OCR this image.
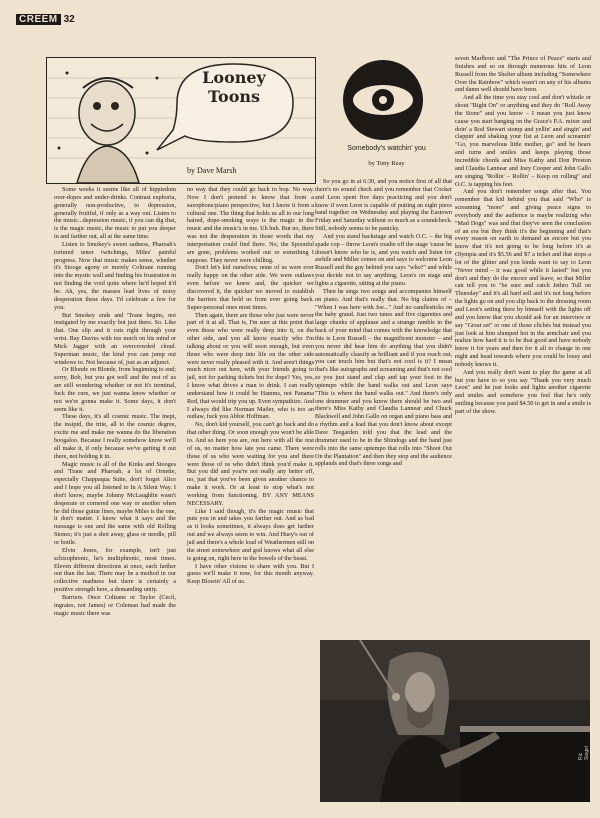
CREEM 32
Looney
Toons
by Dave Marsh

Some weeks it seems like all of hippiedom over-dopes and under-drinks. Contrast euphoria, generally non-productive, to depression, generally fruitful, if only as a way out. Listen to the music...depression music, if you can dig that, is the magic music, the music to put you deeper in and farther out, all at the same time.

Listen to Smokey's sweet sadness, Pharoah's tortured tenor twitchings, Miles' painful progress. Now that music makes sense, whether it's Stooge agony or merely Coltrane running into the mystic wall and finding his frustration in not finding the void quite where he'd hoped it'd be. Ah, yes, the masses lead lives of noisy desperation these days. I'd celebrate a few for you.

But Smokey ends and 'Trane begins, not instigated by me exactly but just there. So. Like that. One slip and it cuts right through your wrist. Ray Davies with too much on his mind or Mick Jagger with an overcrowded cloud. Superman music, the kind you can jump out windows to. Not because of, just as an adjunct.

Or Blonde on Blonde, from beginning to end; sorry, Bob, but you got well and the rest of us are still wondering whether or not it's terminal, fuck the cure, we just wanna know whether or not we're gonna make it. Some days, it don't seem like it.

These days, it's all cosmic music. The inept, the insipid, the trite, all to the cosmic degree, excite me and make me wanna do the liberation boogaloo. Because I really somehow know we'll all make it, if only because we've getting it out there, not holding it in.

Magic music is all of the Kinks and Stooges and 'Trane and Pharoah, a lot of Ornette, especially Chappaqua Suite, don't forget Alice and I hope you all listened to In A Silent Way. I don't know, maybe Johnny McLaughlin wasn't desperate or cornered one way or another when he did those guitar lines, maybe Miles is the one, it don't matter. I know what it says and the message is one and the same with old Rolling Stones; it's just a shot away, glass or needle, pill or bottle.

Elvin Jones, for example, isn't just schizophrenic, he's multiphrenic, most times. Eleven different directions at once, each farther out than the last. There may be a method in our collective madness but there is certainly a positive strength here, a demanding unity.

Barriers. Once Coltrane or Taylor (Cecil, ingrates, not James) or Coleman had made the magic music there was

no way that they could go back to bop. No way. Now I don't pretend to know that from a saxophone/piano perspective, but I know it from a cultural one. The thing that holds us all to our long haired, dope-smoking ways is the magic in the music and the music's in me. Uh huh. But no, there was not the desperation in those words that my interpretation could find there. No, the Spoonful are gone, problems worked out or something I suppose. They never were chilling.

Don't let's kid ourselves; none of us were ever really happy on the other side. We were outlaws even before we knew and, the quicker we discovered it, the quicker we moved to establish the barriers that hold us from ever going back. Super-personal ones most times.

Then again, there are those who just were never part of it at all. That is, I'm sure at this point that even those who were really deep into it, on the other side, and you all know exactly who I'm talking about or you will soon enough, but even those who were deep into life on the other side were never really pleased with it. And aren't things much nicer out here, with your friends going to jail, not for parking tickets but for dope? Yes, yes, I know what drives a man to drink. I can really understand how it could be Hamms, not Panama Red, that would trip you up. Even sympathize. And I always did like Norman Mailer, who is too an outlaw, fuck you Abbie Hoffman.

No, don't kid yourself, you can't go back and do that other thing. Or soon enough you won't be able to. And so here you are, out here with all the rest of us, no matter how late you came. There were those of us who were waiting for you and there were those of us who didn't think you'd make it. But you did and you're not really any better off, no, just that you've been given another chance to make it work. Or at least to stop what's not working from functioning. BY ANY MEANS NECESSARY.

Like I said though, it's the magic music that puts you in and takes you farther out. And as bad as it looks sometimes, it always does get farther out and we always seem to win. And Huey's out of jail and there's a whole load of Weathermen still on the street somewhere and god knows what all else is going on, right here in the bowels of the beast.

I have other visions to share with you. But I guess we'll make it now, for this month anyway. Keep Blowin' All of us.

Somebody's watchin' you
by Tony Reay

So you go in at 6:30, and you notice first of all that there's no sound check and you remember that Cocker and Leon spent five days practicing and you don't know if even Leon is capable of putting an eight piece band together on Wednesday and playing the Eastown Friday and Saturday without so much as a soundcheck. Still, nobody seems to be panicky.

And you stand backstage and watch O.C. – the big spade cop – throw Leon's roadie off the stage 'cause he doesn't know who he is, and you watch and listen for awhile and Miller comes on and says to welcome Leon Russell and the guy behind you says "who?" and while you decide not to say anything, Leon's on stage and lights a cigarette, sitting at the piano.

Then he sings two songs and accompanies himself on piano. And that's really that. No big claims of – "When I was here with Joe..." And no candlesticks on the baby grand. Just two tunes and five cigarettes and large chunks of applause and a strange rumble in the back of your mind that comes with the knowledge that this is Leon Russell – the magnificent monster – and you never did hear him do anything that you didn't automatically classify as brilliant and if you reach out, you can touch him but that's not cool is it? I mean that's like autographs and screaming and that's not cool so you just stand and clap and tap your foot to the uptempo while the band walks out and Leon says "This is where the band walks out." And there's only one drummer and you know there should be two and there's Miss Kathy and Claudia Lannear and Chuck Blackwell and John Gallo on organ and piano bass and a rhythm and a lead that you don't know about except Dave Teegarden told you that the lead and the drummer used to be in the Shindogs and the band just rolls into the same uptempo that rolls into "Shoot Out On the Plantation" and then they stop and the audience applauds and that's three songs and

seven Marlboro and "The Prince of Peace" starts and finishes and so on through numerous hits of Leon Russell from the Shelter album including "Somewhere Over the Rainbow" which wasn't on any of his albums and damn well should have been.

And all the time you stay cool and don't whistle or shout "Right On" or anything and they do "Roll Away the Stone" and you know – I mean you just know cause you start banging on the Grace's P.A. mixer and doin' a Rod Stewart stomp and yellin' and singin' and clappin' and shaking your fist at Leon and screamin' "Go, you marvelous little mother, go" and he hears and turns and smiles and keeps playing those incredible chords and Miss Kathy and Don Preston and Claudia Lannear and Joey Cooper and John Gallo are singing "Rollin' – Rollin' – Keep on rolling" and O.C. is tapping his feet.

And you don't remember songs after that. You remember that kid behind you that said "Who" is screaming "more" and giving peace signs to everybody and the audience is maybe realizing who "Mad Dogs" was and that they've seen the conclusion of an era but they think it's the beginning and that's every reason on earth to demand an encore but you know that it's not going to be long before it's at Olympia and it's $5.56 and $7 a ticket and that stops a lot of the glitter and you kinda want to say to Leon "Never mind – it was good while it lasted" but you don't and they do the encore and leave, so that Miller can tell you to "be sure and catch Jethro Tull on Thursday" and it's all hard sell and it's not long before the lights go on and you slip back to the dressing room and Leon's setting there by himself with the lights off and you know that you should ask for an interview or say "Great set" or one of those clichés but instead you just look at him slumped hot in the armchair and you realize how hard it is to be that good and have nobody know it for years and then for it all to change in one night and head towards where you could be lousy and nobody knows it.

And you really don't want to play the game at all but you have to so you say "Thank you very much Leon" and he just looks and lights another cigarette and smiles and somehow you feel that he's only smiling because you paid $4.50 to get in and a smile is part of the show.

Ric Siegel
